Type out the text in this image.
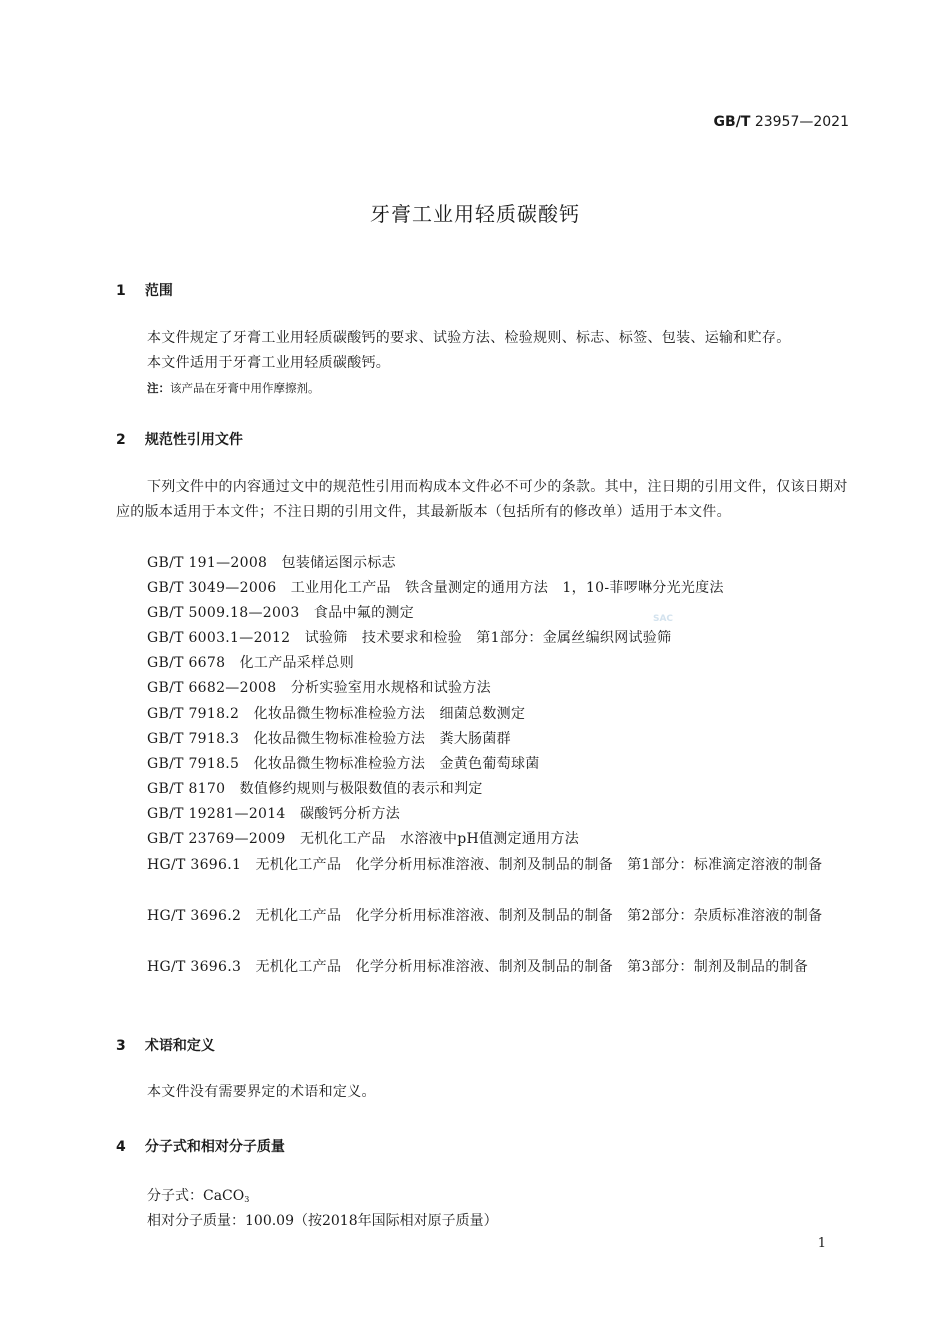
GB/T 23957—2021
牙膏工业用轻质碳酸钙
1 范围

本文件规定了牙膏工业用轻质碳酸钙的要求、试验方法、检验规则、标志、标签、包装、运输和贮存。

本文件适用于牙膏工业用轻质碳酸钙。

注：该产品在牙膏中用作摩擦剂。
2 规范性引用文件

下列文件中的内容通过文中的规范性引用而构成本文件必不可少的条款。其中，注日期的引用文件，仅该日期对应的版本适用于本文件；不注日期的引用文件，其最新版本（包括所有的修改单）适用于本文件。

GB/T 191—2008　包装储运图示标志
GB/T 3049—2006　工业用化工产品　铁含量测定的通用方法　1，10-菲啰啉分光光度法
GB/T 5009.18—2003　食品中氟的测定
GB/T 6003.1—2012　试验筛　技术要求和检验　第1部分：金属丝编织网试验筛
GB/T 6678　化工产品采样总则
GB/T 6682—2008　分析实验室用水规格和试验方法
GB/T 7918.2　化妆品微生物标准检验方法　细菌总数测定
GB/T 7918.3　化妆品微生物标准检验方法　粪大肠菌群
GB/T 7918.5　化妆品微生物标准检验方法　金黄色葡萄球菌
GB/T 8170　数值修约规则与极限数值的表示和判定
GB/T 19281—2014　碳酸钙分析方法
GB/T 23769—2009　无机化工产品　水溶液中pH值测定通用方法

HG/T 3696.1　无机化工产品　化学分析用标准溶液、制剂及制品的制备　第1部分：标准滴定溶液的制备

HG/T 3696.2　无机化工产品　化学分析用标准溶液、制剂及制品的制备　第2部分：杂质标准溶液的制备

HG/T 3696.3　无机化工产品　化学分析用标准溶液、制剂及制品的制备　第3部分：制剂及制品的制备

SAC
3 术语和定义

本文件没有需要界定的术语和定义。

4 分子式和相对分子质量
分子式：CaCO$_3$
相对分子质量：100.09（按2018年国际相对原子质量）
1
